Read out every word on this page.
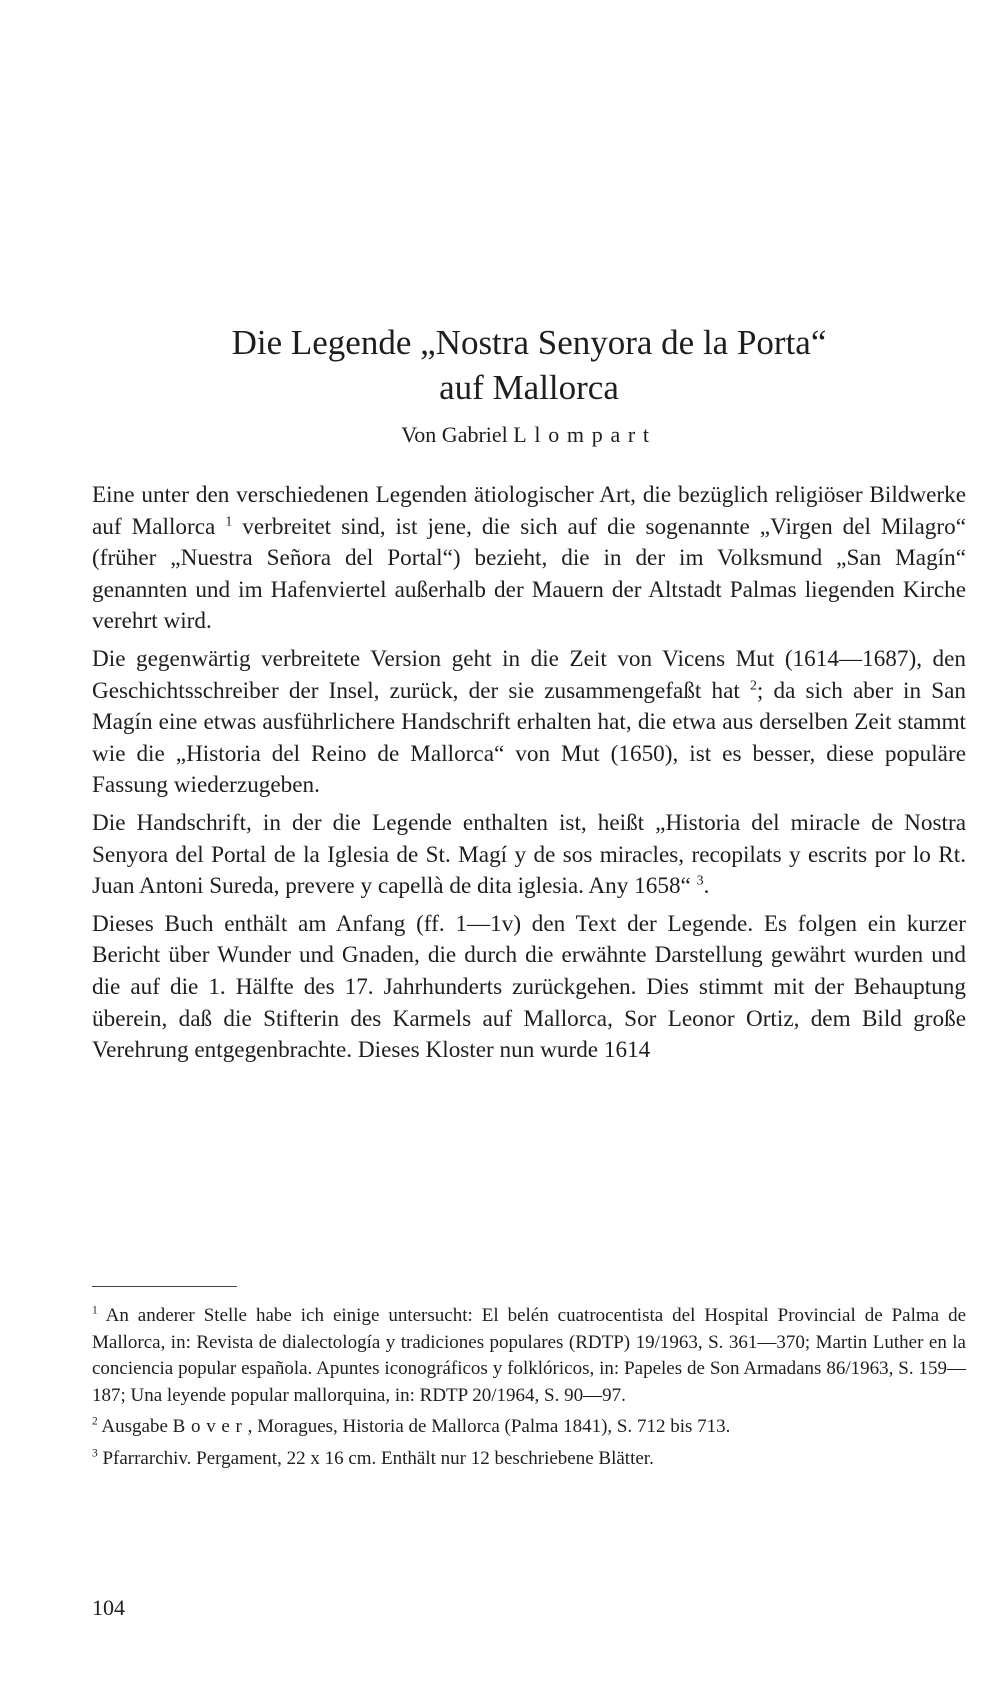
Die Legende „Nostra Senyora de la Porta“
auf Mallorca
Von Gabriel Llompart

Eine unter den verschiedenen Legenden ätiologischer Art, die bezüglich religiöser Bildwerke auf Mallorca $^1$ verbreitet sind, ist jene, die sich auf die sogenannte „Virgen del Milagro“ (früher „Nuestra Señora del Portal“) bezieht, die in der im Volksmund „San Magín“ genannten und im Hafenviertel außerhalb der Mauern der Altstadt Palmas liegenden Kirche verehrt wird.

Die gegenwärtig verbreitete Version geht in die Zeit von Vicens Mut (1614—1687), den Geschichtsschreiber der Insel, zurück, der sie zusammengefaßt hat $^2$; da sich aber in San Magín eine etwas ausführlichere Handschrift erhalten hat, die etwa aus derselben Zeit stammt wie die „Historia del Reino de Mallorca“ von Mut (1650), ist es besser, diese populäre Fassung wiederzugeben.

Die Handschrift, in der die Legende enthalten ist, heißt „Historia del miracle de Nostra Senyora del Portal de la Iglesia de St. Magí y de sos miracles, recopilats y escrits por lo Rt. Juan Antoni Sureda, prevere y capellà de dita iglesia. Any 1658“ $^3$.

Dieses Buch enthält am Anfang (ff. 1—1v) den Text der Legende. Es folgen ein kurzer Bericht über Wunder und Gnaden, die durch die erwähnte Darstellung gewährt wurden und die auf die 1. Hälfte des 17. Jahrhunderts zurückgehen. Dies stimmt mit der Behauptung überein, daß die Stifterin des Karmels auf Mallorca, Sor Leonor Ortiz, dem Bild große Verehrung entgegenbrachte. Dieses Kloster nun wurde 1614

$^1$ An anderer Stelle habe ich einige untersucht: El belén cuatrocentista del Hospital Provincial de Palma de Mallorca, in: Revista de dialectología y tradiciones populares (RDTP) 19/1963, S. 361—370; Martin Luther en la conciencia popular española. Apuntes iconográficos y folklóricos, in: Papeles de Son Armadans 86/1963, S. 159—187; Una leyende popular mallorquina, in: RDTP 20/1964, S. 90—97.

$^2$ Ausgabe Bover, Moragues, Historia de Mallorca (Palma 1841), S. 712 bis 713.

$^3$ Pfarrarchiv. Pergament, 22 x 16 cm. Enthält nur 12 beschriebene Blätter.

104
